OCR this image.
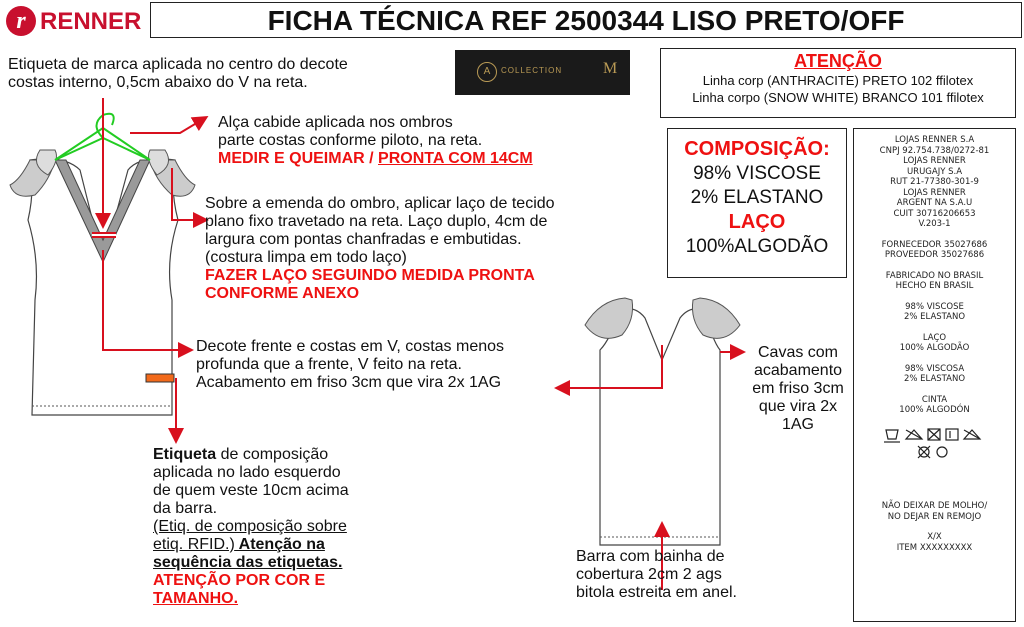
r RENNER	FICHA TÉCNICA REF 2500344 LISO PRETO/OFF
A	COLLECTION	M
Etiqueta de marca aplicada no centro do decote
costas interno, 0,5cm abaixo do V na reta.
Alça cabide aplicada nos ombros
parte costas conforme piloto, na reta.
MEDIR E QUEIMAR / PRONTA COM 14CM
Sobre a emenda do ombro, aplicar laço de tecido
plano fixo travetado na reta. Laço duplo, 4cm de
largura com pontas chanfradas e embutidas.
(costura limpa em todo laço)
FAZER LAÇO SEGUINDO MEDIDA PRONTA
CONFORME ANEXO
Decote frente e costas em V, costas menos
profunda que a frente, V feito na reta.
Acabamento em friso 3cm que vira 2x 1AG
Etiqueta de composição
aplicada no lado esquerdo
de quem veste 10cm acima
da barra.
(Etiq. de composição sobre
etiq. RFID.) Atenção na
sequência das etiquetas.
ATENÇÃO POR COR E
TAMANHO.
Cavas com
acabamento
em friso 3cm
que vira 2x
1AG
Barra com bainha de
cobertura 2cm 2 ags
bitola estreita em anel.
ATENÇÃO
Linha corp (ANTHRACITE) PRETO 102 ffilotex
Linha corpo (SNOW WHITE) BRANCO 101 ffilotex
COMPOSIÇÃO:
98% VISCOSE
2% ELASTANO
LAÇO
100%ALGODÃO

LOJAS RENNER S.A

CNPJ 92.754.738/0272-81

LOJAS RENNER

URUGAJY S.A

RUT 21-77380-301-9

LOJAS RENNER

ARGENT NA S.A.U

CUIT 30716206653

V.203-1

FORNECEDOR 35027686

PROVEEDOR 35027686

FABRICADO NO BRASIL

HECHO EN BRASIL

98% VISCOSE

2% ELASTANO

LAÇO

100% ALGODÃO

98% VISCOSA

2% ELASTANO

CINTA

100% ALGODÓN

NÃO DEIXAR DE MOLHO/

NO DEJAR EN REMOJO

X/X

ITEM XXXXXXXXX
